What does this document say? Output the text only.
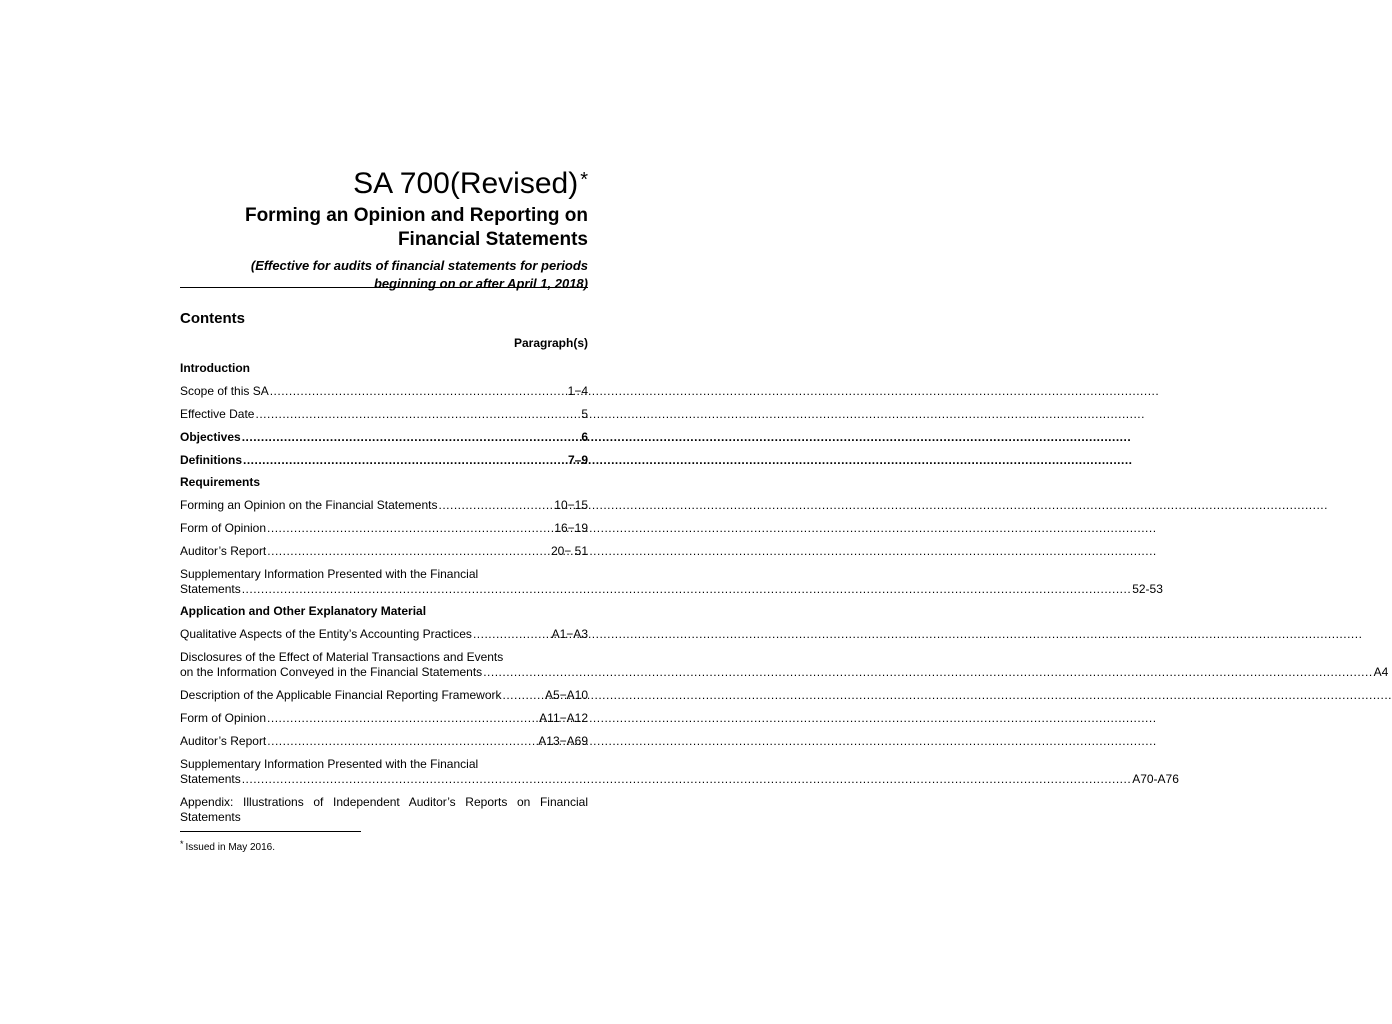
SA 700(Revised) *
Forming an Opinion and Reporting on
Financial Statements
(Effective for audits of financial statements for periods
beginning on or after April 1, 2018)
Contents
Paragraph(s)
Introduction
Scope of this SA .....	1−4
Effective Date .....	5
Objectives .....	6
Definitions .....	7–9
Requirements
Forming an Opinion on the Financial Statements .....	10−15
Form of Opinion .....	16−19
Auditor’s Report .....	20− 51
Supplementary Information Presented with the Financial
Statements .....	52-53
Application and Other Explanatory Material
Qualitative Aspects of the Entity’s Accounting Practices .....	A1−A3
Disclosures of the Effect of Material Transactions and Events
on the Information Conveyed in the Financial Statements .....	A4
Description of the Applicable Financial Reporting Framework .....	A5−A10
Form of Opinion .....	A11−A12
Auditor’s Report .....	A13−A69
Supplementary Information Presented with the Financial
Statements .....	A70-A76
Appendix: Illustrations of Independent Auditor’s Reports on Financial Statements
* Issued in May 2016.
